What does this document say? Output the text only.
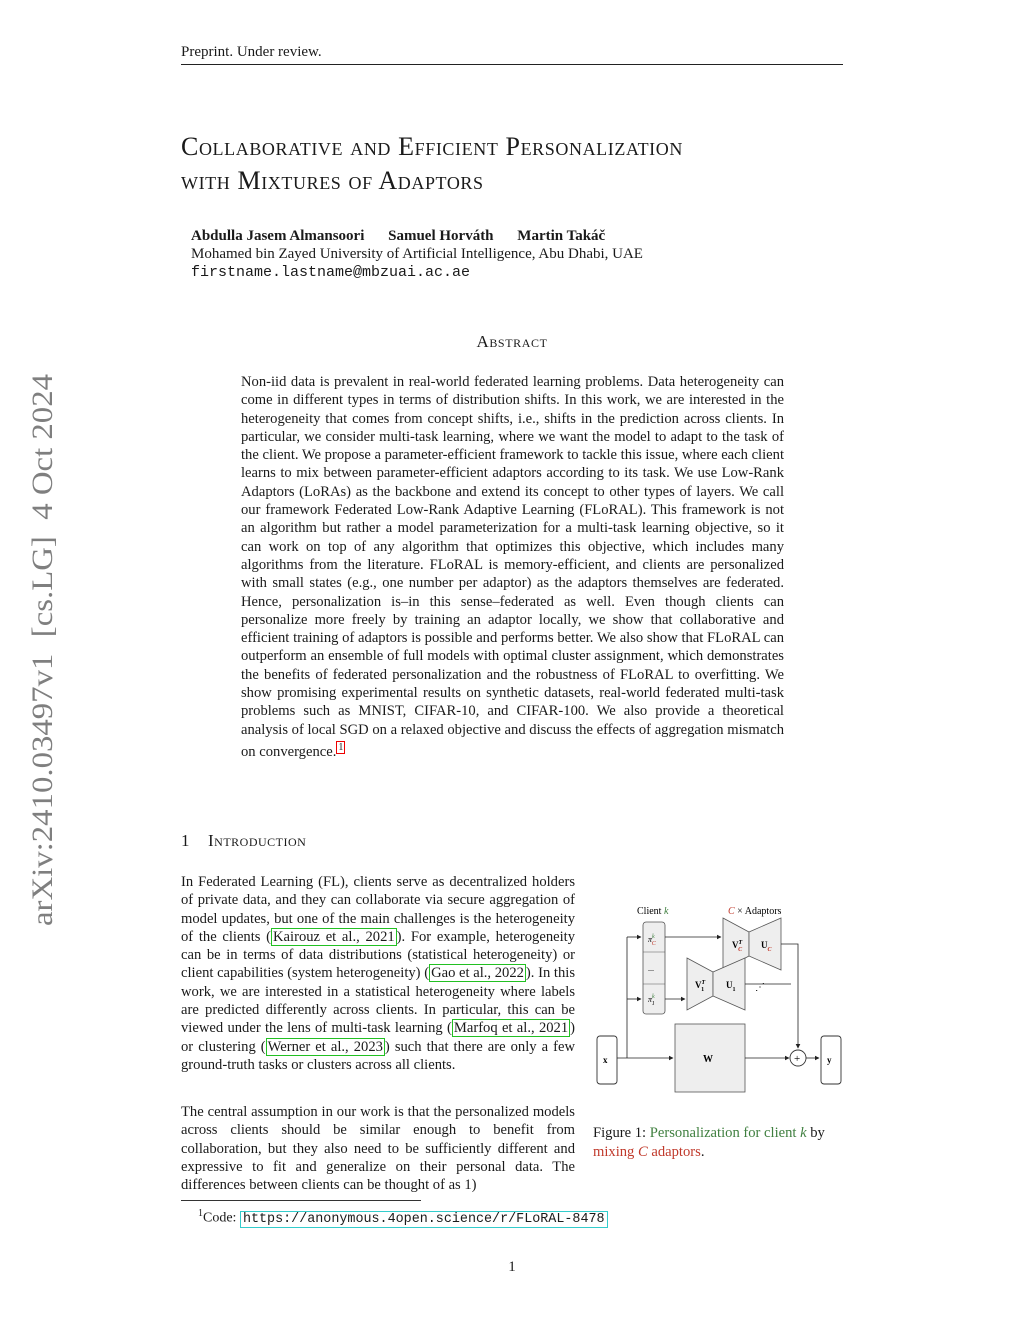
Preprint. Under review.
Collaborative and Efficient Personalization
with Mixtures of Adaptors
Abdulla Jasem Almansoori Samuel Horváth Martin Takáč
Mohamed bin Zayed University of Artificial Intelligence, Abu Dhabi, UAE
firstname.lastname@mbzuai.ac.ae
arXiv:2410.03497v1  [cs.LG]  4 Oct 2024
Abstract
Non-iid data is prevalent in real-world federated learning problems. Data heterogeneity can come in different types in terms of distribution shifts. In this work, we are interested in the heterogeneity that comes from concept shifts, i.e., shifts in the prediction across clients. In particular, we consider multi-task learning, where we want the model to adapt to the task of the client. We propose a parameter-efficient framework to tackle this issue, where each client learns to mix between parameter-efficient adaptors according to its task. We use Low-Rank Adaptors (LoRAs) as the backbone and extend its concept to other types of layers. We call our framework Federated Low-Rank Adaptive Learning (FLoRAL). This framework is not an algorithm but rather a model parameterization for a multi-task learning objective, so it can work on top of any algorithm that optimizes this objective, which includes many algorithms from the literature. FLoRAL is memory-efficient, and clients are personalized with small states (e.g., one number per adaptor) as the adaptors themselves are federated. Hence, personalization is–in this sense–federated as well. Even though clients can personalize more freely by training an adaptor locally, we show that collaborative and efficient training of adaptors is possible and performs better. We also show that FLoRAL can outperform an ensemble of full models with optimal cluster assignment, which demonstrates the benefits of federated personalization and the robustness of FLoRAL to overfitting. We show promising experimental results on synthetic datasets, real-world federated multi-task problems such as MNIST, CIFAR-10, and CIFAR-100. We also provide a theoretical analysis of local SGD on a relaxed objective and discuss the effects of aggregation mismatch on convergence. $^1$
1 Introduction
In Federated Learning (FL), clients serve as decentralized holders of private data, and they can collaborate via secure aggregation of model updates, but one of the main challenges is the heterogeneity of the clients ( Kairouz et al., 2021 ). For example, heterogeneity can be in terms of data distributions (statistical heterogeneity) or client capabilities (system heterogeneity) ( Gao et al., 2022 ). In this work, we are interested in a statistical heterogeneity where labels are predicted differently across clients. In particular, this can be viewed under the lens of multi-task learning ( Marfoq et al., 2021 ) or clustering ( Werner et al., 2023 ) such that there are only a few ground-truth tasks or clusters across all clients.
The central assumption in our work is that the personalized models across clients should be similar enough to benefit from collaboration, but they also need to be sufficiently different and expressive to fit and generalize on their personal data. The differences between clients can be thought of as 1)
Client k	C × Adaptors
$\pi^k$ C
...
$\pi^k$ 1
$V^T$ C $U_C$
$V^T$ 1 $U_1$ ⋰
x	W	+	y
Figure 1: Personalization for client k by mixing C adaptors.
$^1$Code: https://anonymous.4open.science/r/FLoRAL-8478
1
